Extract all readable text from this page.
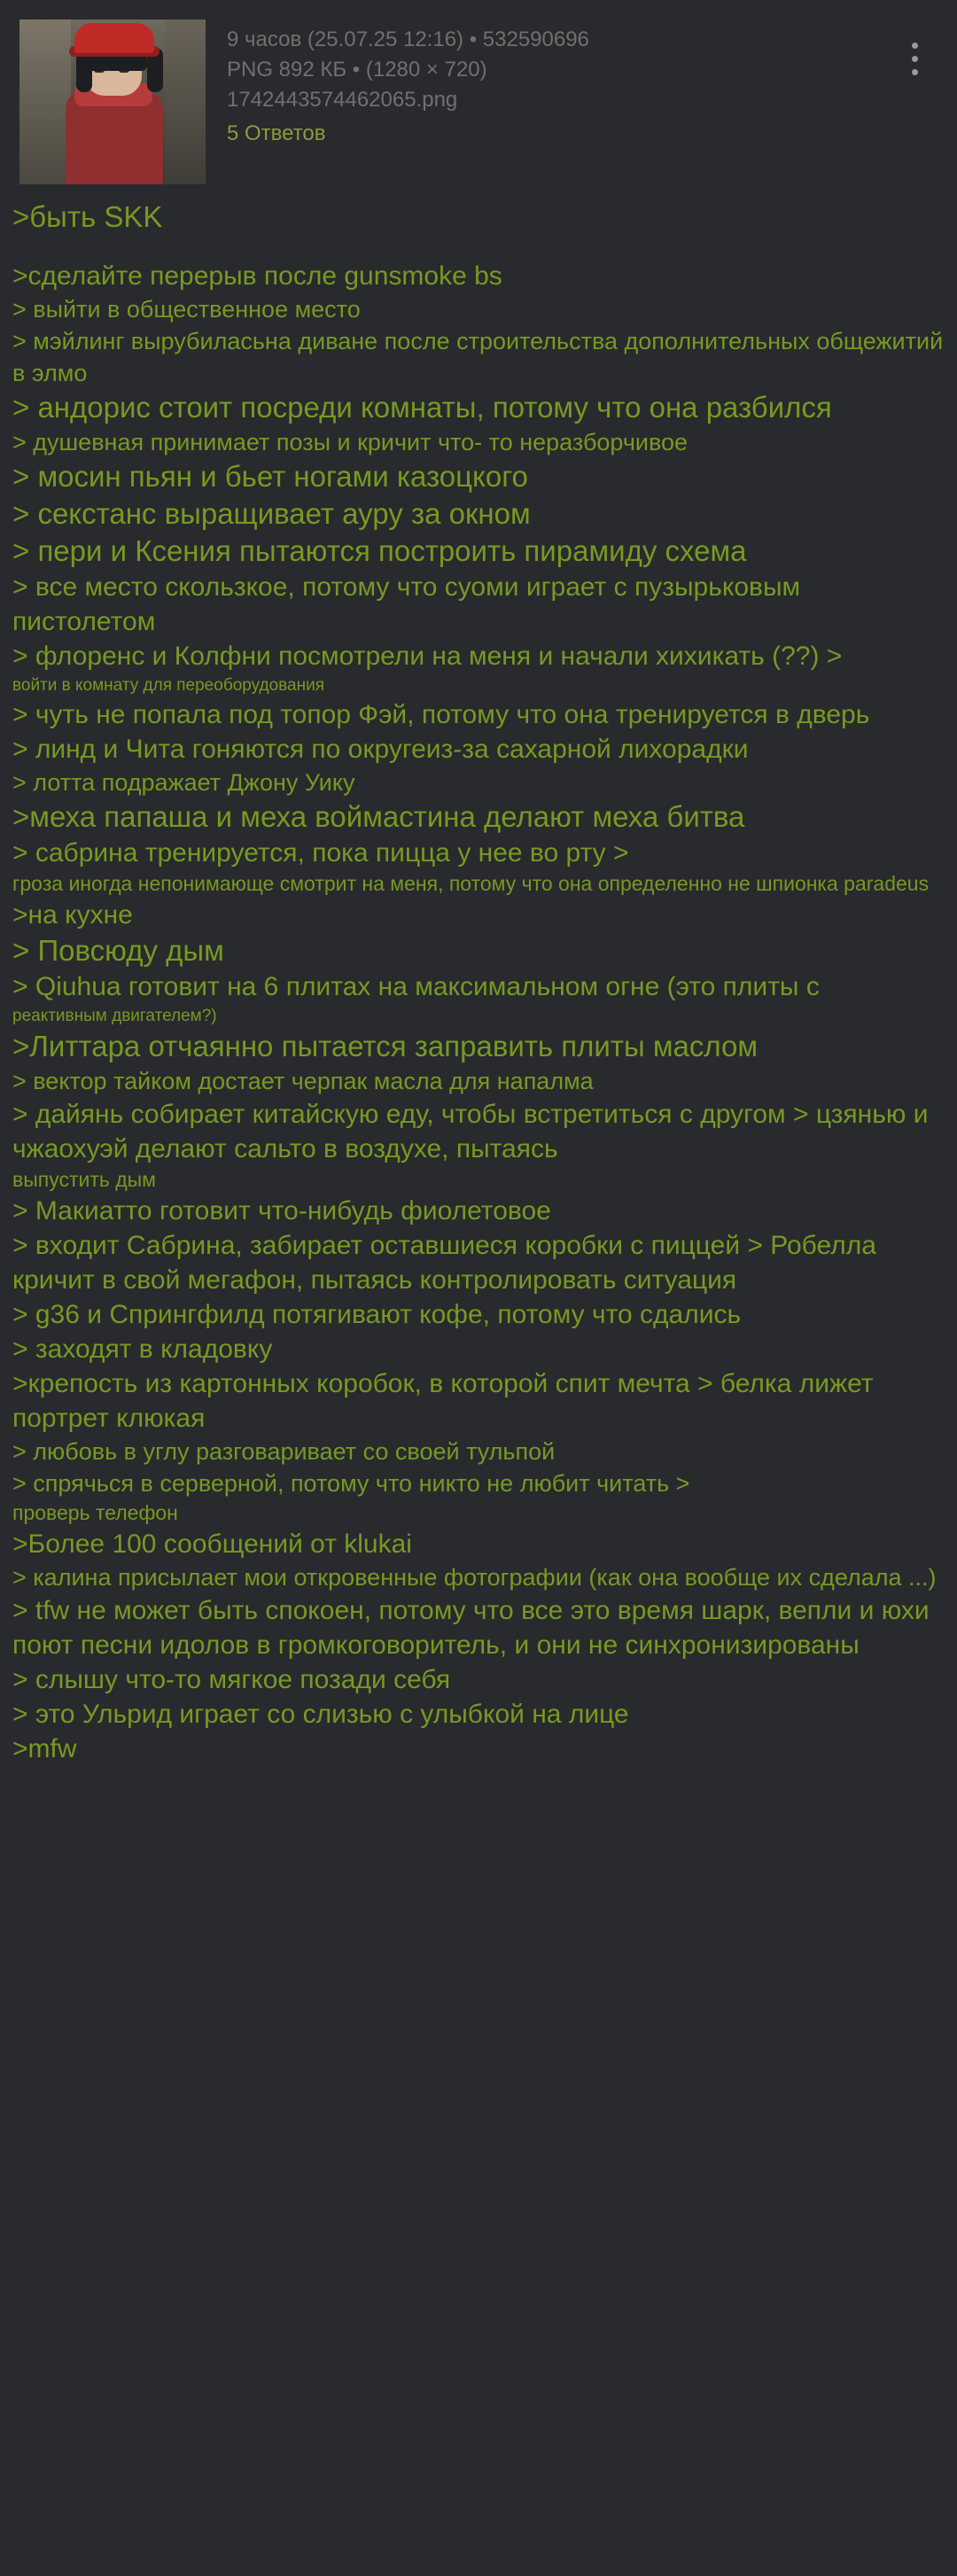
9 часов (25.07.25 12:16) • 532590696
PNG 892 КБ • (1280 × 720)
1742443574462065.png
5 Ответов

>быть SKK

>сделайте перерыв после gunsmoke bs

> выйти в общественное место

> мэйлинг вырубиласьна диване после строительства дополнительных общежитий в элмо

> андорис стоит посреди комнаты, потому что она разбился

> душевная принимает позы и кричит что- то неразборчивое

> мосин пьян и бьет ногами казоцкого

> секстанс выращивает ауру за окном

> пери и Ксения пытаются построить пирамиду схема

> все место скользкое, потому что суоми играет с пузырьковым пистолетом

> флоренс и Колфни посмотрели на меня и начали хихикать (??) >

войти в комнату для переоборудования

> чуть не попала под топор Фэй, потому что она тренируется в дверь

> линд и Чита гоняются по округеиз-за сахарной лихорадки

> лотта подражает Джону Уику

>меха папаша и меха воймастина делают меха битва

> сабрина тренируется, пока пицца у нее во рту >

гроза иногда непонимающе смотрит на меня, потому что она определенно не шпионка paradeus

>на кухне

> Повсюду дым

> Qiuhua готовит на 6 плитах на максимальном огне (это плиты с

реактивным двигателем?)

>Литтара отчаянно пытается заправить плиты маслом

> вектор тайком достает черпак масла для напалма

> дайянь собирает китайскую еду, чтобы встретиться с другом > цзянью и чжаохуэй делают сальто в воздухе, пытаясь

выпустить дым

> Макиатто готовит что-нибудь фиолетовое

> входит Сабрина, забирает оставшиеся коробки с пиццей > Робелла кричит в свой мегафон, пытаясь контролировать ситуация

> g36 и Спрингфилд потягивают кофе, потому что сдались

> заходят в кладовку

>крепость из картонных коробок, в которой спит мечта > белка лижет портрет клюкая

> любовь в углу разговаривает со своей тульпой

> спрячься в серверной, потому что никто не любит читать >

проверь телефон

>Более 100 сообщений от klukai

> калина присылает мои откровенные фотографии (как она вообще их сделала ...)

> tfw не может быть спокоен, потому что все это время шарк, вепли и юхи поют песни идолов в громкоговоритель, и они не синхронизированы

> слышу что-то мягкое позади себя

> это Ульрид играет со слизью с улыбкой на лице

>mfw
